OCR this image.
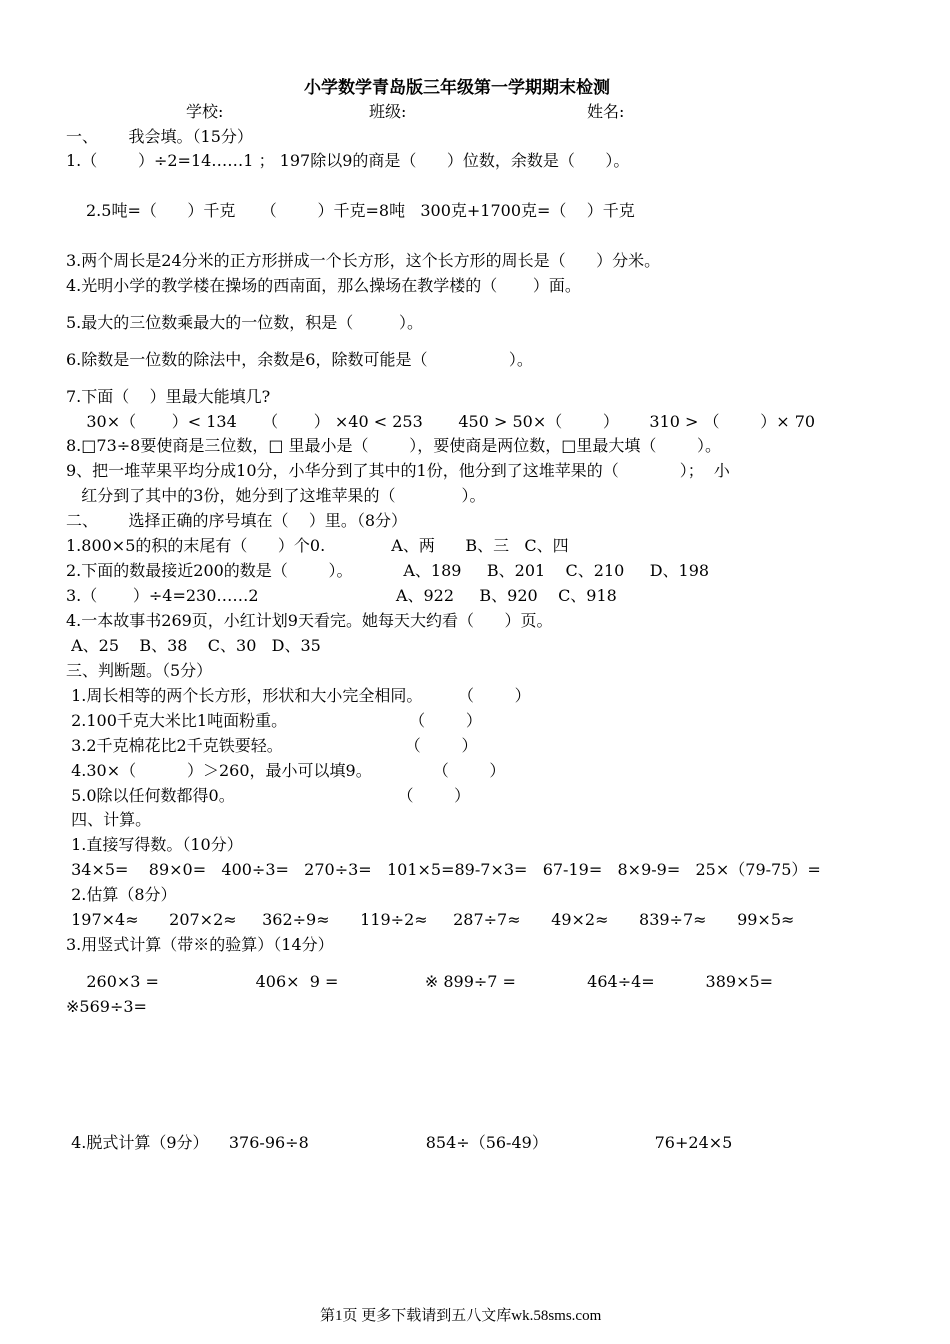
小学数学青岛版三年级第一学期期末检测
学校:	班级:	姓名:
一、      我会填。（15分）
1.（        ）÷2=14……1 ； 197除以9的商是（      ）位数，余数是（      ）。
2.5吨=（      ）千克     （        ）千克=8吨   300克+1700克=（    ）千克
3.两个周长是24分米的正方形拼成一个长方形，这个长方形的周长是（      ）分米。
4.光明小学的教学楼在操场的西南面，那么操场在教学楼的（       ）面。
5.最大的三位数乘最大的一位数，积是（         ）。
6.除数是一位数的除法中，余数是6，除数可能是（                ）。
7.下面（    ）里最大能填几?
30×（       ）< 134     （       ） ×40 < 253       450 > 50×（        ）      310 > （        ）× 70
8.□73÷8要使商是三位数，□ 里最小是（        ），要使商是两位数，□里最大填（        ）。
9、把一堆苹果平均分成10分，小华分到了其中的1份，他分到了这堆苹果的（            ）；  小
红分到了其中的3份，她分到了这堆苹果的（             ）。
二、      选择正确的序号填在（    ）里。（8分）
1.800×5的积的末尾有（      ）个0.             A、两      B、三   C、四
2.下面的数最接近200的数是（        ）。          A、189     B、201    C、210     D、198
3.（       ）÷4=230……2                           A、922     B、920    C、918
4.一本故事书269页，小红计划9天看完。她每天大约看（      ）页。
A、25    B、38    C、30   D、35
三、判断题。（5分）
1.周长相等的两个长方形，形状和大小完全相同。       （        ）
2.100千克大米比1吨面粉重。                        （        ）
3.2千克棉花比2千克铁要轻。                        （        ）
4.30×（          ）＞260，最小可以填9。            （        ）
5.0除以任何数都得0。                                （        ）
四、计算。
1.直接写得数。（10分）
34×5=    89×0=   400÷3=   270÷3=   101×5=89-7×3=   67-19=   8×9-9=   25×（79-75）=
2.估算（8分）
197×4≈      207×2≈     362÷9≈      119÷2≈     287÷7≈      49×2≈      839÷7≈      99×5≈
3.用竖式计算（带※的验算）（14分）
260×3 =                   406×  9 =                 ※ 899÷7 =              464÷4=          389×5=
※569÷3=
4.脱式计算（9分）    376-96÷8                       854÷（56-49）                     76+24×5
第1页 更多下载请到五八文库wk.58sms.com
